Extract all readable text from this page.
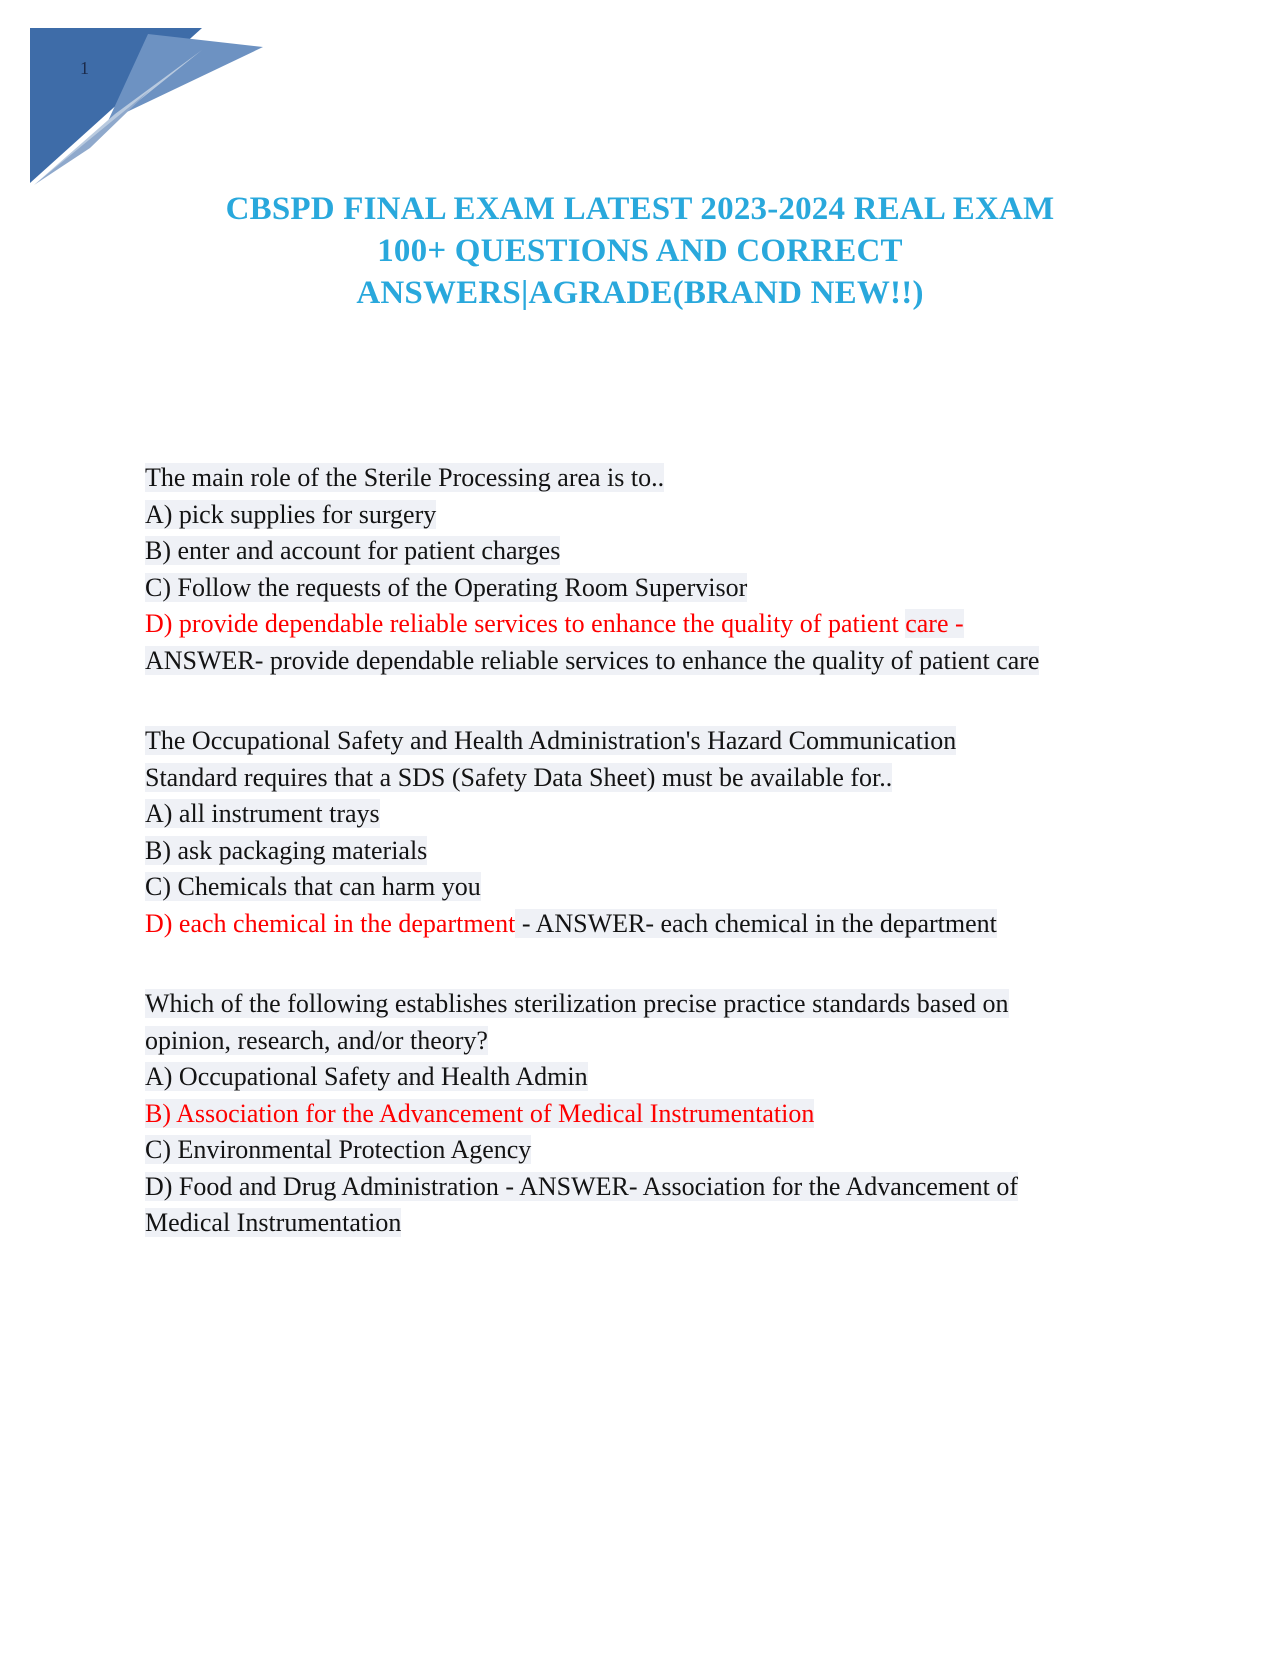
1
CBSPD FINAL EXAM LATEST 2023-2024 REAL EXAM
100+ QUESTIONS AND CORRECT
ANSWERS|AGRADE(BRAND NEW!!)
The main role of the Sterile Processing area is to..
A) pick supplies for surgery
B) enter and account for patient charges
C) Follow the requests of the Operating Room Supervisor
D) provide dependable reliable services to enhance the quality of patient care - ANSWER- provide dependable reliable services to enhance the quality of patient care
The Occupational Safety and Health Administration's Hazard Communication Standard requires that a SDS (Safety Data Sheet) must be available for..
A) all instrument trays
B) ask packaging materials
C) Chemicals that can harm you
D) each chemical in the department - ANSWER- each chemical in the department
Which of the following establishes sterilization precise practice standards based on opinion, research, and/or theory?
A) Occupational Safety and Health Admin
B) Association for the Advancement of Medical Instrumentation
C) Environmental Protection Agency
D) Food and Drug Administration - ANSWER- Association for the Advancement of Medical Instrumentation
